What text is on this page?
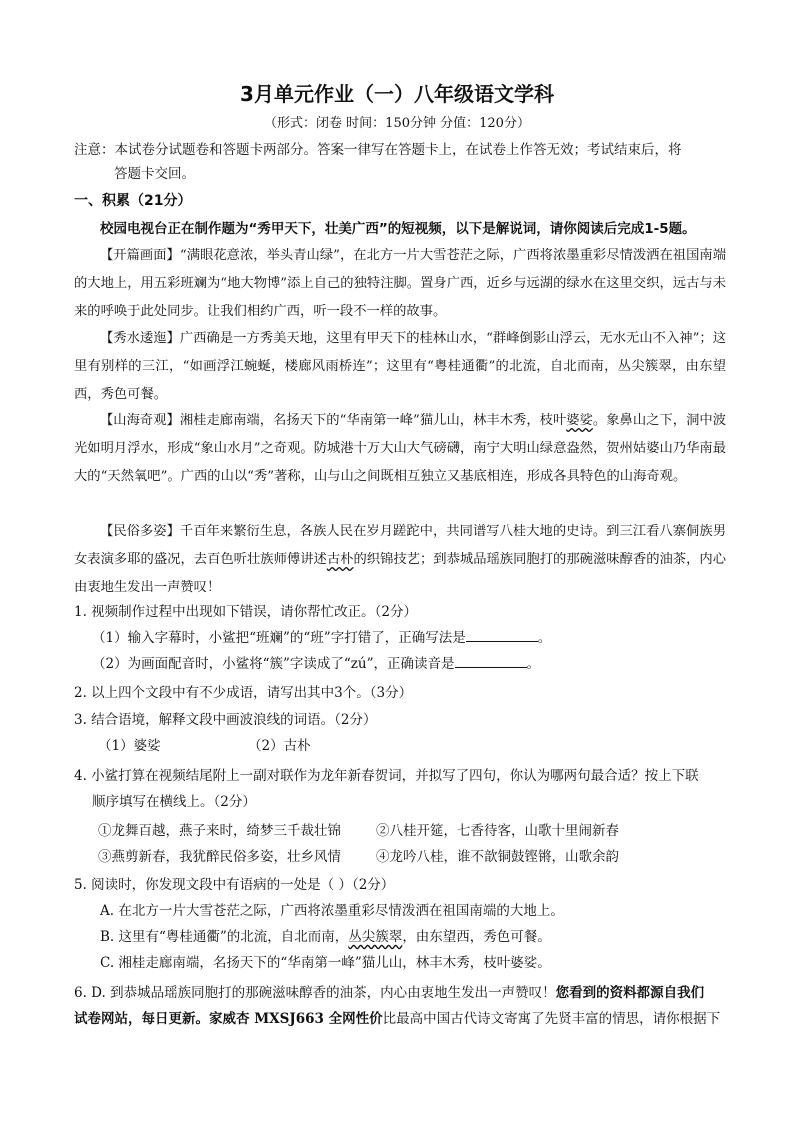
3月单元作业（一）八年级语文学科
（形式：闭卷 时间：150分钟 分值：120分）
注意：本试卷分试题卷和答题卡两部分。答案一律写在答题卡上，在试卷上作答无效；考试结束后，将
答题卡交回。
一、积累（21分）
校园电视台正在制作题为“秀甲天下，壮美广西”的短视频，以下是解说词，请你阅读后完成1-5题。
【开篇画面】“满眼花意浓，举头青山绿”，在北方一片大雪苍茫之际，广西将浓墨重彩尽情泼洒在祖国南端的大地上，用五彩班斓为“地大物博”添上自己的独特注脚。置身广西，近乡与远湖的绿水在这里交织，远古与未来的呼唤于此处同步。让我们相约广西，听一段不一样的故事。
【秀水逶迤】广西确是一方秀美天地，这里有甲天下的桂林山水，“群峰倒影山浮云，无水无山不入神”；这里有别样的三江，“如画浮江蜿蜒，楼廊风雨桥连”；这里有“粤桂通衢”的北流，自北而南，丛尖簇翠，由东望西，秀色可餐。
【山海奇观】湘桂走廊南端，名扬天下的“华南第一峰”猫儿山，林丰木秀，枝叶婆娑。象鼻山之下，洞中波光如明月浮水，形成“象山水月”之奇观。防城港十万大山大气磅礴，南宁大明山绿意盎然，贺州姑婆山乃华南最大的“天然氧吧”。广西的山以“秀”著称，山与山之间既相互独立又基底相连，形成各具特色的山海奇观。
【民俗多姿】千百年来繁衍生息，各族人民在岁月蹉跎中，共同谱写八桂大地的史诗。到三江看八寨侗族男女表演多耶的盛况，去百色听壮族师傅讲述古朴的织锦技艺；到恭城品瑶族同胞打的那碗滋味醇香的油茶，内心由衷地生发出一声赞叹！
1. 视频制作过程中出现如下错误，请你帮忙改正。（2分）
（1）输入字幕时，小鲨把“班斓”的“班”字打错了，正确写法是	。
（2）为画面配音时，小鲨将“簇”字读成了“zú”，正确读音是	。
2. 以上四个文段中有不少成语，请写出其中3个。（3分）
3. 结合语境，解释文段中画波浪线的词语。（2分）
（1）婆娑	（2）古朴
4. 小鲨打算在视频结尾附上一副对联作为龙年新春贺词，并拟写了四句，你认为哪两句最合适？按上下联
顺序填写在横线上。（2分）
①龙舞百越，燕子来时，绮梦三千裁壮锦	②八桂开筵，七香待客，山歌十里闹新春
③燕剪新春，我犹醉民俗多姿，壮乡风情	④龙吟八桂，谁不歆铜鼓铿锵，山歌余韵
5. 阅读时，你发现文段中有语病的一处是（ ）（2分）
A. 在北方一片大雪苍茫之际，广西将浓墨重彩尽情泼洒在祖国南端的大地上。
B. 这里有“粤桂通衢”的北流，自北而南，丛尖簇翠，由东望西，秀色可餐。
C. 湘桂走廊南端，名扬天下的“华南第一峰”猫儿山，林丰木秀，枝叶婆娑。
6. D. 到恭城品瑶族同胞打的那碗滋味醇香的油茶，内心由衷地生发出一声赞叹！您看到的资料都源自我们
试卷网站，每日更新。家威杏 MXSJ663 全网性价比最高中国古代诗文寄寓了先贤丰富的情思，请你根据下
